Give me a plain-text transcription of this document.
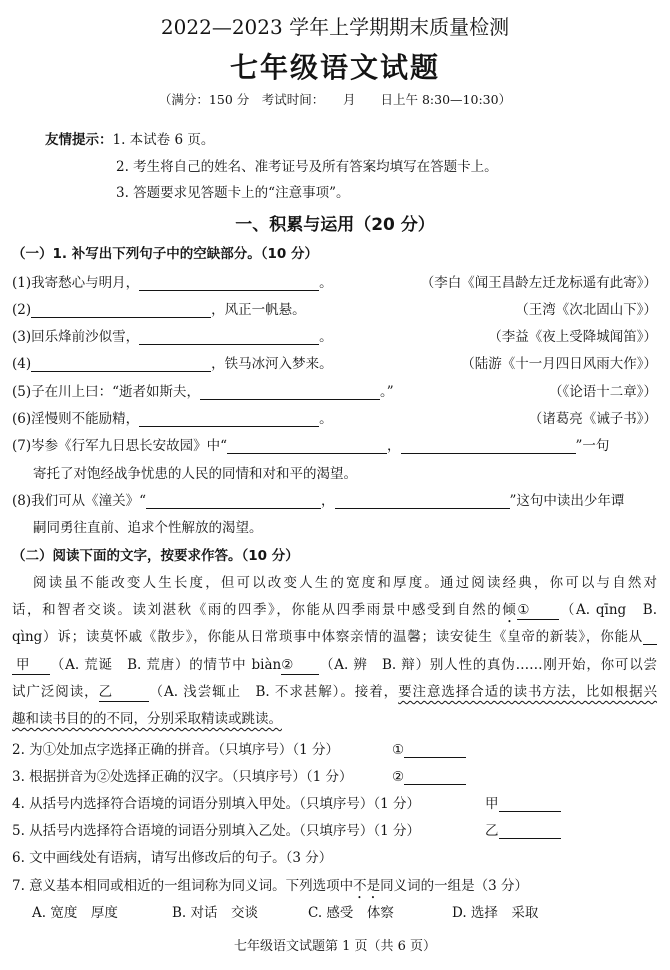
2022—2023 学年上学期期末质量检测
七年级语文试题
（满分：150 分　考试时间：　　月　　日上午 8:30—10:30）
友情提示：1. 本试卷 6 页。
2. 考生将自己的姓名、准考证号及所有答案均填写在答题卡上。
3. 答题要求见答题卡上的“注意事项”。
一、积累与运用（20 分）
（一）1. 补写出下列句子中的空缺部分。（10 分）
(1)我寄愁心与明月，	。	（李白《闻王昌龄左迁龙标遥有此寄》）
(2)	，风正一帆悬。	（王湾《次北固山下》）
(3)回乐烽前沙似雪，	。	（李益《夜上受降城闻笛》）
(4)	，铁马冰河入梦来。	（陆游《十一月四日风雨大作》）
(5)子在川上曰：“逝者如斯夫，	。”	（《论语十二章》）
(6)淫慢则不能励精，	。	（诸葛亮《诫子书》）
(7)岑参《行军九日思长安故园》中“	，	”一句
寄托了对饱经战争忧患的人民的同情和对和平的渴望。
(8)我们可从《潼关》“	，	”这句中读出少年谭
嗣同勇往直前、追求个性解放的渴望。
（二）阅读下面的文字，按要求作答。（10 分）
阅读虽不能改变人生长度，但可以改变人生的宽度和厚度。通过阅读经典，你可以与自然对
话，和智者交谈。读刘湛秋《雨的四季》，你能从四季雨景中感受到自然的倾① （A. qīng　B.
qìng）诉；读莫怀戚《散步》，你能从日常琐事中体察亲情的温馨；读安徒生《皇帝的新装》，你能从
甲 （A. 荒诞　B. 荒唐）的情节中 biàn② （A. 辨　B. 辩）别人性的真伪……刚开始，你可以尝
试广泛阅读，乙	（A. 浅尝辄止　B. 不求甚解）。接着，要注意选择合适的读书方法，比如根据兴
趣和读书目的的不同，分别采取精读或跳读。
2. 为①处加点字选择正确的拼音。（只填序号）（1 分）	①
3. 根据拼音为②处选择正确的汉字。（只填序号）（1 分）	②
4. 从括号内选择符合语境的词语分别填入甲处。（只填序号）（1 分）	甲
5. 从括号内选择符合语境的词语分别填入乙处。（只填序号）（1 分）	乙
6. 文中画线处有语病，请写出修改后的句子。（3 分）
7. 意义基本相同或相近的一组词称为同义词。下列选项中不是同义词的一组是（3 分）
A. 宽度　厚度	B. 对话　交谈	C. 感受　体察	D. 选择　采取
七年级语文试题第 1 页（共 6 页）
